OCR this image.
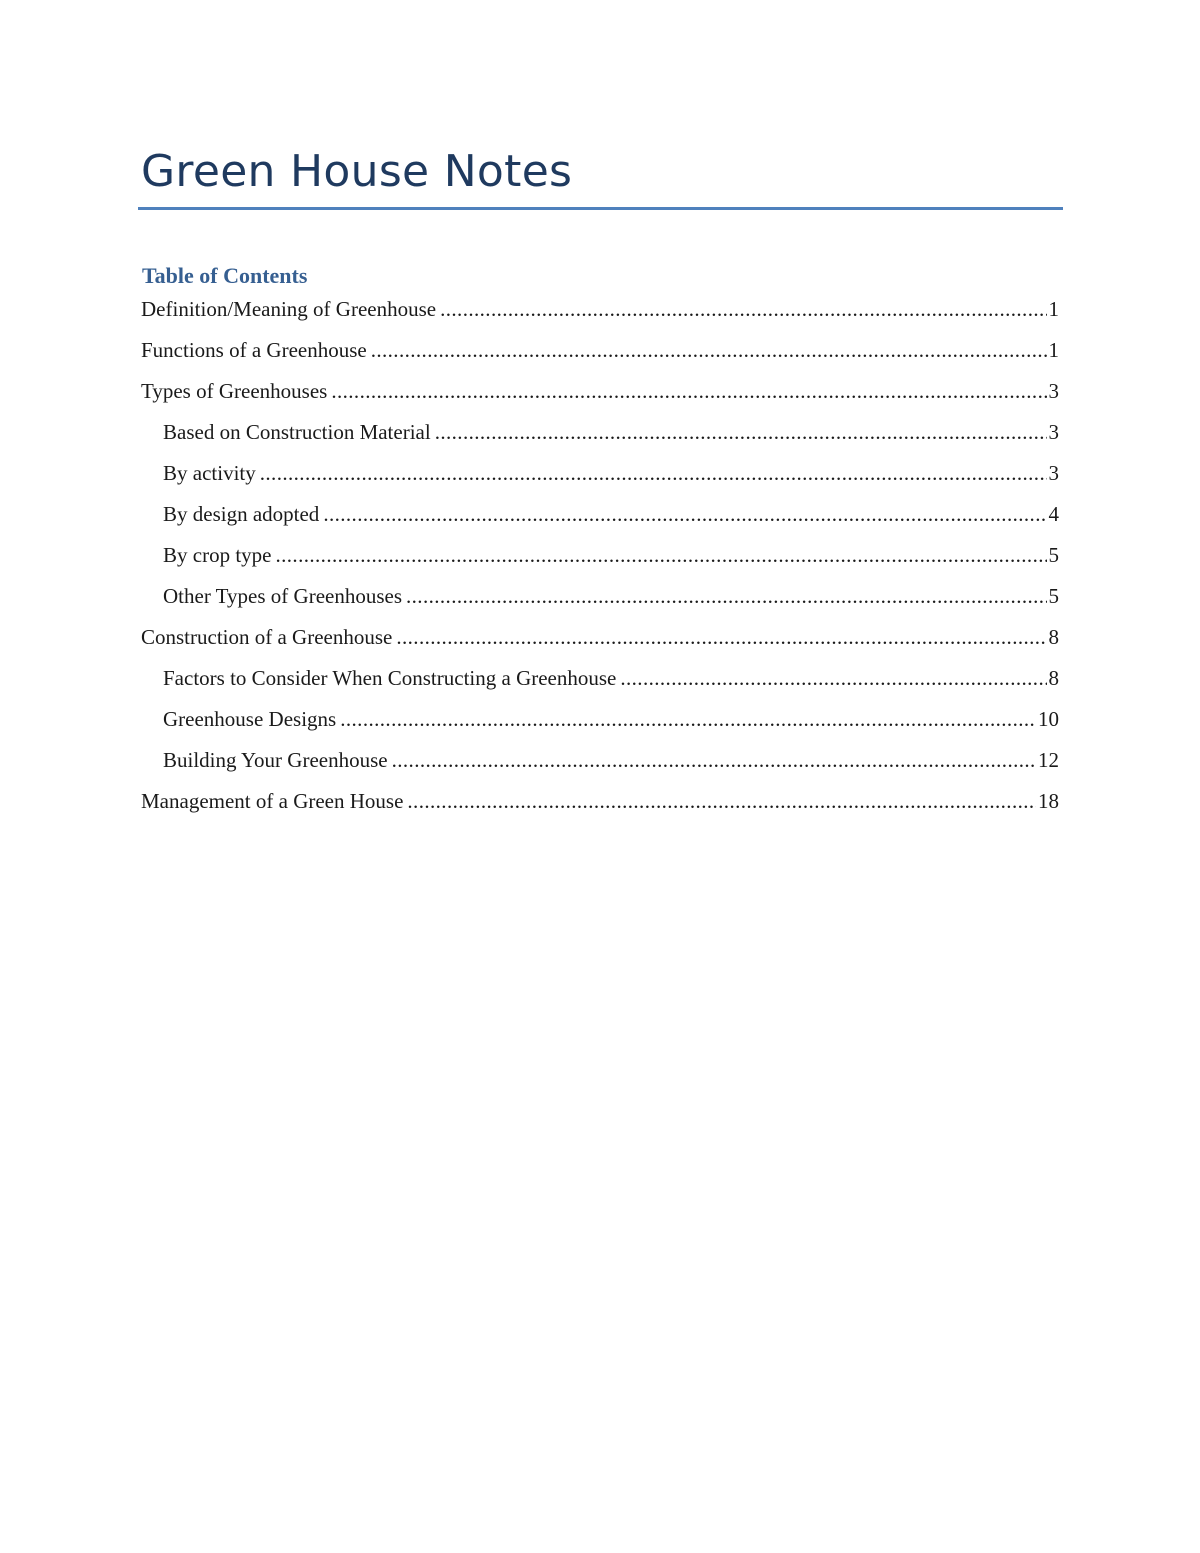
Green House Notes
Table of Contents
Definition/Meaning of Greenhouse .....	1
Functions of a Greenhouse .....	1
Types of Greenhouses .....	3
Based on Construction Material .....	3
By activity .....	3
By design adopted .....	4
By crop type .....	5
Other Types of Greenhouses .....	5
Construction of a Greenhouse .....	8
Factors to Consider When Constructing a Greenhouse .....	8
Greenhouse Designs .....	10
Building Your Greenhouse .....	12
Management of a Green House .....	18
